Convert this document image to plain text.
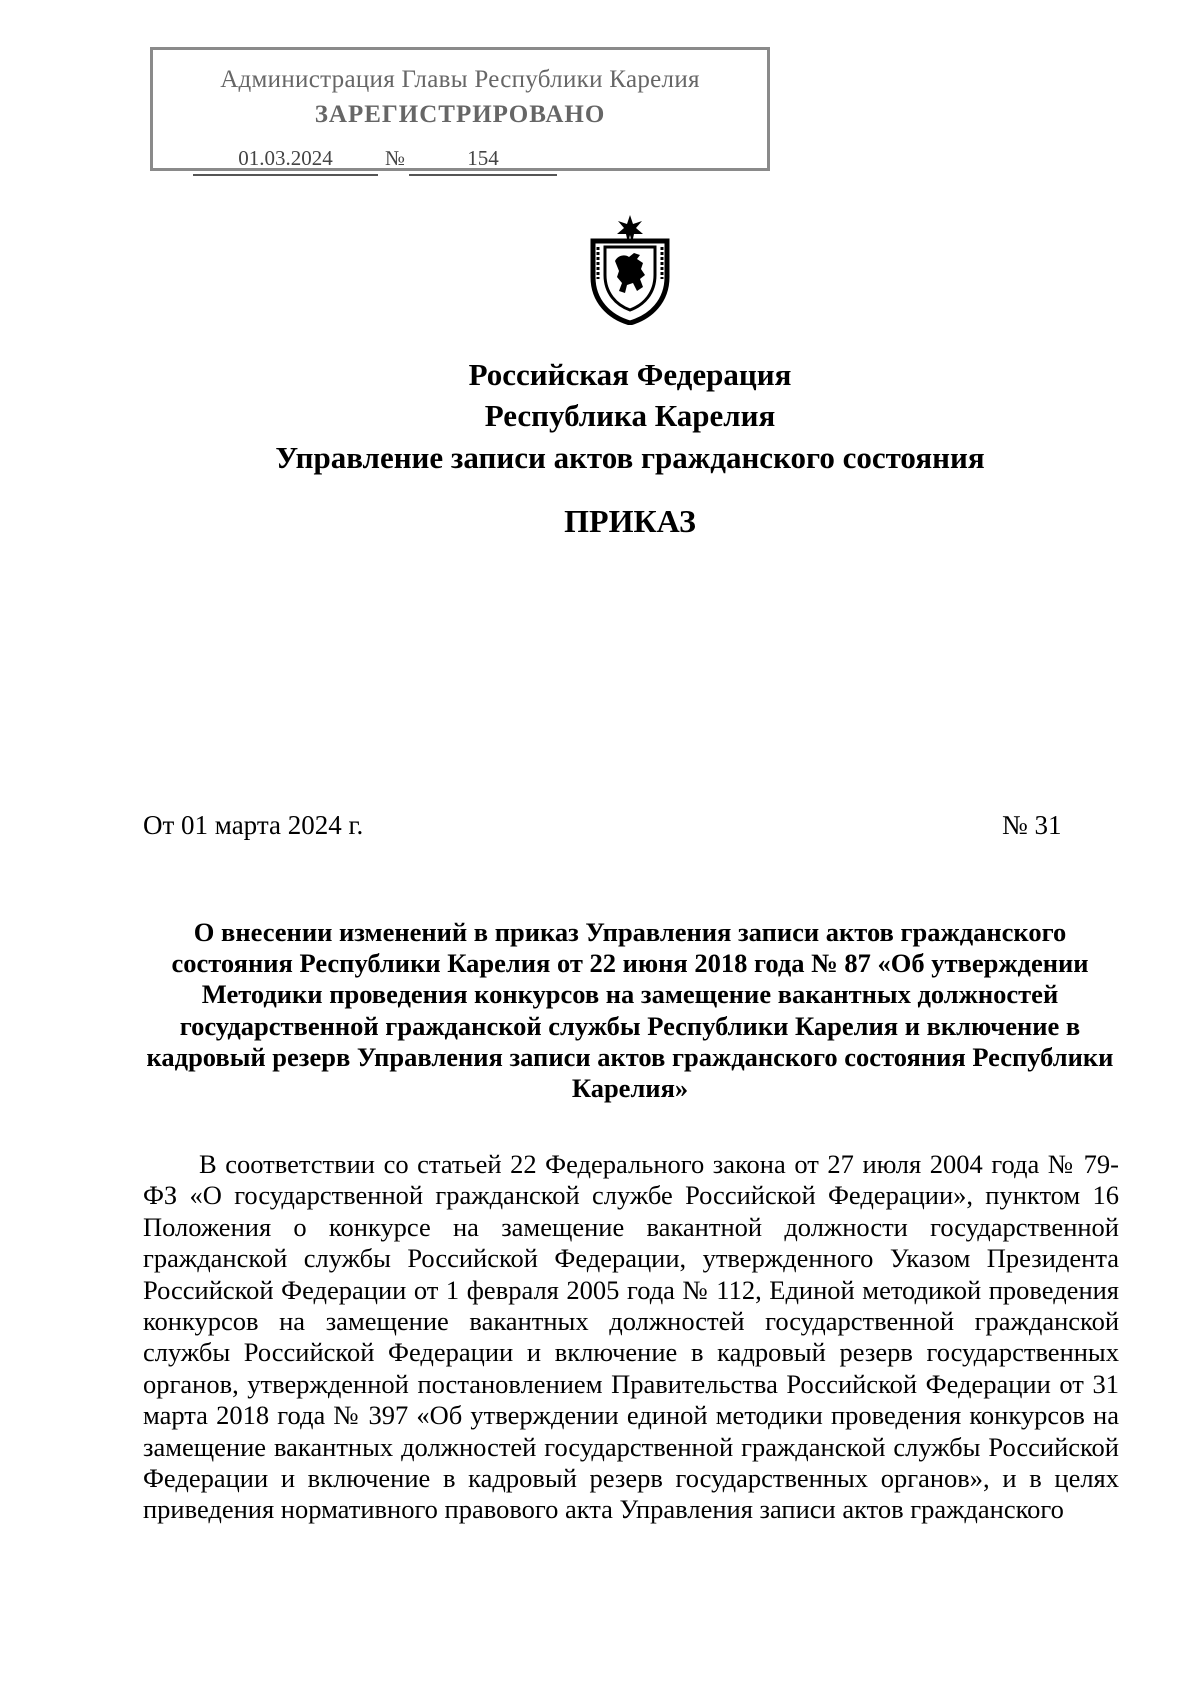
Администрация Главы Республики Карелия
ЗАРЕГИСТРИРОВАНО
01.03.2024	№	154
Российская Федерация
Республика Карелия
Управление записи актов гражданского состояния
ПРИКАЗ
От 01 марта 2024 г.	№ 31
О внесении изменений в приказ Управления записи актов гражданского состояния Республики Карелия от 22 июня 2018 года № 87 «Об утверждении Методики проведения конкурсов на замещение вакантных должностей государственной гражданской службы Республики Карелия и включение в кадровый резерв Управления записи актов гражданского состояния Республики Карелия»
В соответствии со статьей 22 Федерального закона от 27 июля 2004 года № 79-ФЗ «О государственной гражданской службе Российской Федерации», пунктом 16 Положения о конкурсе на замещение вакантной должности государственной гражданской службы Российской Федерации, утвержденного Указом Президента Российской Федерации от 1 февраля 2005 года № 112, Единой методикой проведения конкурсов на замещение вакантных должностей государственной гражданской службы Российской Федерации и включение в кадровый резерв государственных органов, утвержденной постановлением Правительства Российской Федерации от 31 марта 2018 года № 397 «Об утверждении единой методики проведения конкурсов на замещение вакантных должностей государственной гражданской службы Российской Федерации и включение в кадровый резерв государственных органов», и в целях приведения нормативного правового акта Управления записи актов гражданского
